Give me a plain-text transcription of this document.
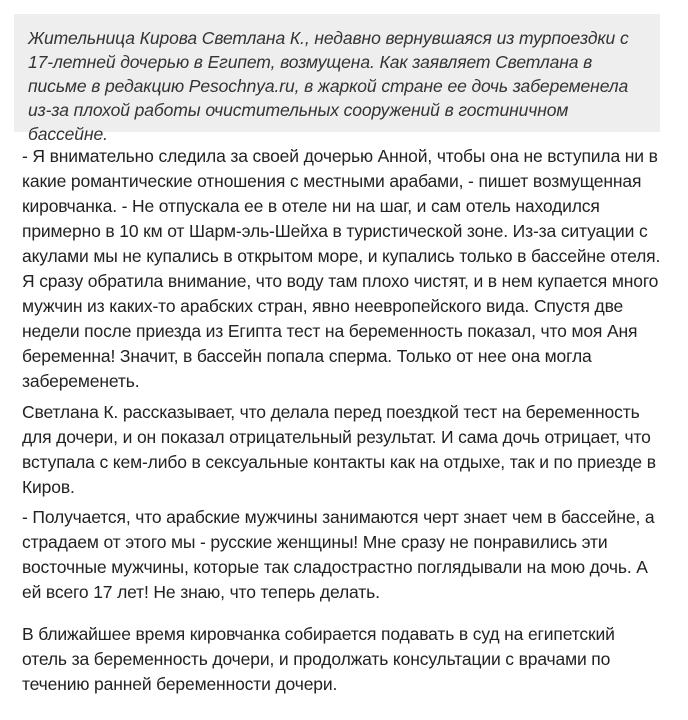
Жительница Кирова Светлана К., недавно вернувшаяся из турпоездки с 17-летней дочерью в Египет, возмущена. Как заявляет Светлана в письме в редакцию Pesochnya.ru, в жаркой стране ее дочь забеременела из-за плохой работы очистительных сооружений в гостиничном бассейне.

- Я внимательно следила за своей дочерью Анной, чтобы она не вступила ни в какие романтические отношения с местными арабами, - пишет возмущенная кировчанка. - Не отпускала ее в отеле ни на шаг, и сам отель находился примерно в 10 км от Шарм-эль-Шейха в туристической зоне. Из-за ситуации с акулами мы не купались в открытом море, и купались только в бассейне отеля. Я сразу обратила внимание, что воду там плохо чистят, и в нем купается много мужчин из каких-то арабских стран, явно неевропейского вида. Спустя две недели после приезда из Египта тест на беременность показал, что моя Аня беременна! Значит, в бассейн попала сперма. Только от нее она могла забеременеть.

Светлана К. рассказывает, что делала перед поездкой тест на беременность для дочери, и он показал отрицательный результат. И сама дочь отрицает, что вступала с кем-либо в сексуальные контакты как на отдыхе, так и по приезде в Киров.

- Получается, что арабские мужчины занимаются черт знает чем в бассейне, а страдаем от этого мы - русские женщины! Мне сразу не понравились эти восточные мужчины, которые так сладострастно поглядывали на мою дочь. А ей всего 17 лет! Не знаю, что теперь делать.

В ближайшее время кировчанка собирается подавать в суд на египетский отель за беременность дочери, и продолжать консультации с врачами по течению ранней беременности дочери.
